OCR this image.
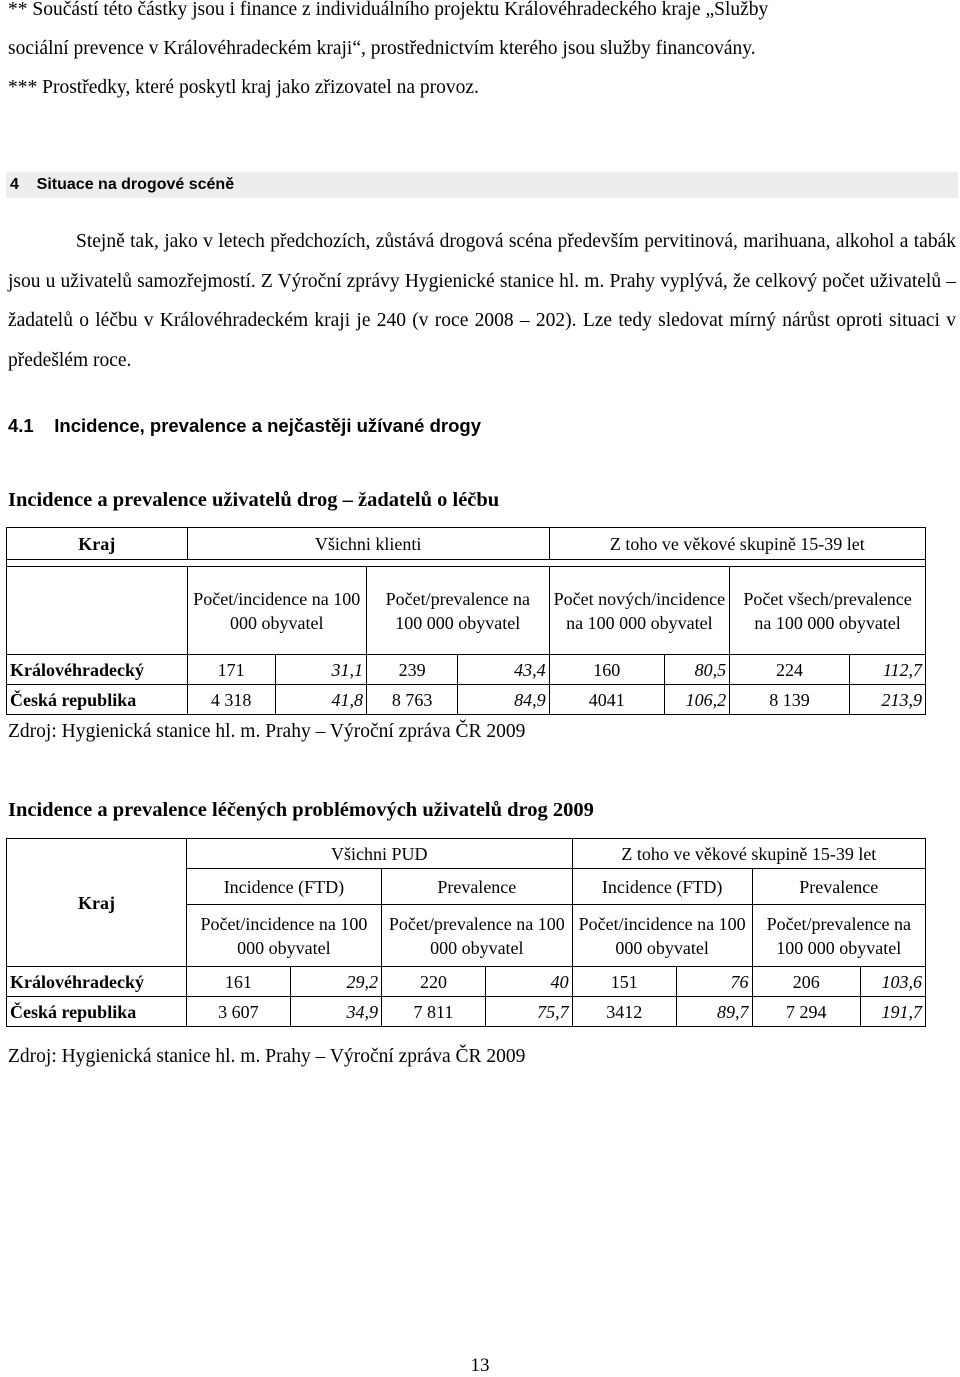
** Součástí této částky jsou i finance z individuálního projektu Královéhradeckého kraje „Služby
sociální prevence v Královéhradeckém kraji“, prostřednictvím kterého jsou služby financovány.
*** Prostředky, které poskytl kraj jako zřizovatel na provoz.
4    Situace na drogové scéně
Stejně tak, jako v letech předchozích, zůstává drogová scéna především pervitinová, marihuana, alkohol a tabák jsou u uživatelů samozřejmostí. Z Výroční zprávy Hygienické stanice hl. m. Prahy vyplývá, že celkový počet uživatelů – žadatelů o léčbu v Královéhradeckém kraji je 240 (v roce 2008 – 202). Lze tedy sledovat mírný nárůst oproti situaci v předešlém roce.
4.1    Incidence, prevalence a nejčastěji užívané drogy
Incidence a prevalence uživatelů drog – žadatelů o léčbu
Kraj	Všichni klienti				Z toho ve věkové skupině 15-39 let			

	Počet/incidence na 100 000 obyvatel		Počet/prevalence na 100 000 obyvatel		Počet nových/incidence na 100 000 obyvatel		Počet všech/prevalence na 100 000 obyvatel	
Královéhradecký	171	31,1	239	43,4	160	80,5	224	112,7
Česká republika	4 318	41,8	8 763	84,9	4041	106,2	8 139	213,9
Zdroj: Hygienická stanice hl. m. Prahy – Výroční zpráva ČR 2009
Incidence a prevalence léčených problémových uživatelů drog 2009
Kraj	Všichni PUD				Z toho ve věkové skupině 15-39 let			
	Incidence (FTD)		Prevalence		Incidence (FTD)		Prevalence	
	Počet/incidence na 100 000 obyvatel		Počet/prevalence na 100 000 obyvatel		Počet/incidence na 100 000 obyvatel		Počet/prevalence na 100 000 obyvatel	
Královéhradecký	161	29,2	220	40	151	76	206	103,6
Česká republika	3 607	34,9	7 811	75,7	3412	89,7	7 294	191,7
Zdroj: Hygienická stanice hl. m. Prahy – Výroční zpráva ČR 2009
13
